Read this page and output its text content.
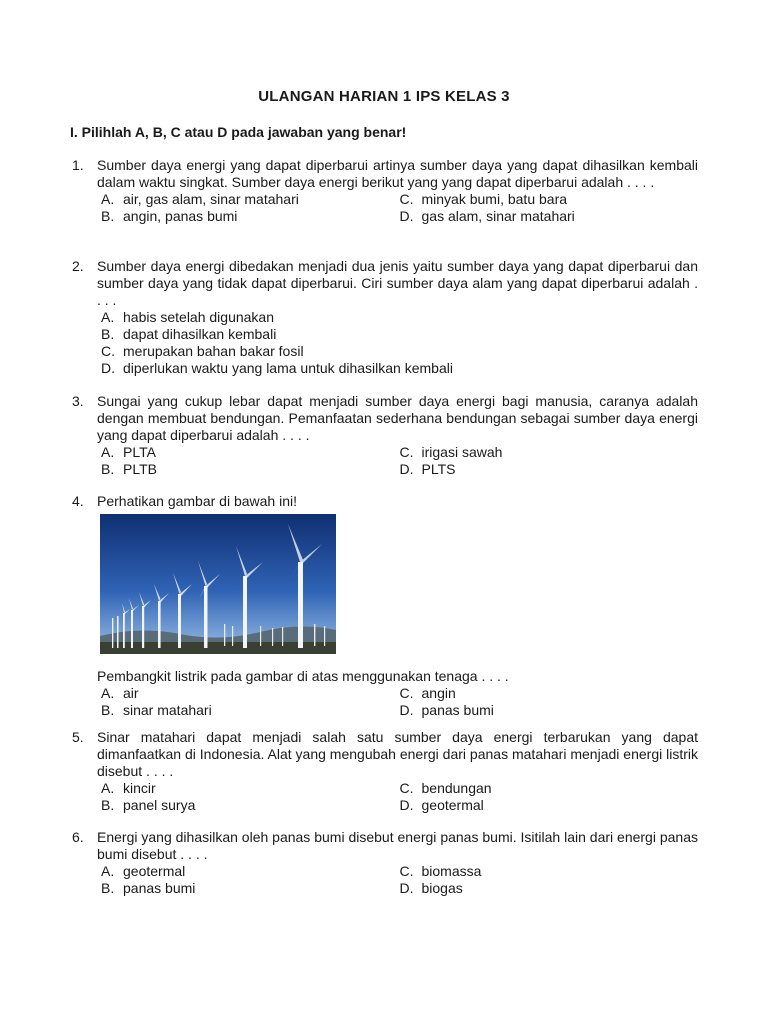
ULANGAN HARIAN 1 IPS KELAS 3
I. Pilihlah A, B, C atau D pada jawaban yang benar!
1. Sumber daya energi yang dapat diperbarui artinya sumber daya yang dapat dihasilkan kembali dalam waktu singkat. Sumber daya energi berikut yang yang dapat diperbarui adalah . . . .
A. air, gas alam, sinar matahari	C. minyak bumi, batu bara
B. angin, panas bumi	D. gas alam, sinar matahari
2. Sumber daya energi dibedakan menjadi dua jenis yaitu sumber daya yang dapat diperbarui dan sumber daya yang tidak dapat diperbarui. Ciri sumber daya alam yang dapat diperbarui adalah . . . .
A. habis setelah digunakan
B. dapat dihasilkan kembali
C. merupakan bahan bakar fosil
D. diperlukan waktu yang lama untuk dihasilkan kembali
3. Sungai yang cukup lebar dapat menjadi sumber daya energi bagi manusia, caranya adalah dengan membuat bendungan. Pemanfaatan sederhana bendungan sebagai sumber daya energi yang dapat diperbarui adalah . . . .
A. PLTA	C. irigasi sawah
B. PLTB	D. PLTS
4. Perhatikan gambar di bawah ini!
Pembangkit listrik pada gambar di atas menggunakan tenaga . . . .
A. air	C. angin
B. sinar matahari	D. panas bumi
5. Sinar matahari dapat menjadi salah satu sumber daya energi terbarukan yang dapat dimanfaatkan di Indonesia. Alat yang mengubah energi dari panas matahari menjadi energi listrik disebut . . . .
A. kincir	C. bendungan
B. panel surya	D. geotermal
6. Energi yang dihasilkan oleh panas bumi disebut energi panas bumi. Isitilah lain dari energi panas bumi disebut . . . .
A. geotermal	C. biomassa
B. panas bumi	D. biogas
